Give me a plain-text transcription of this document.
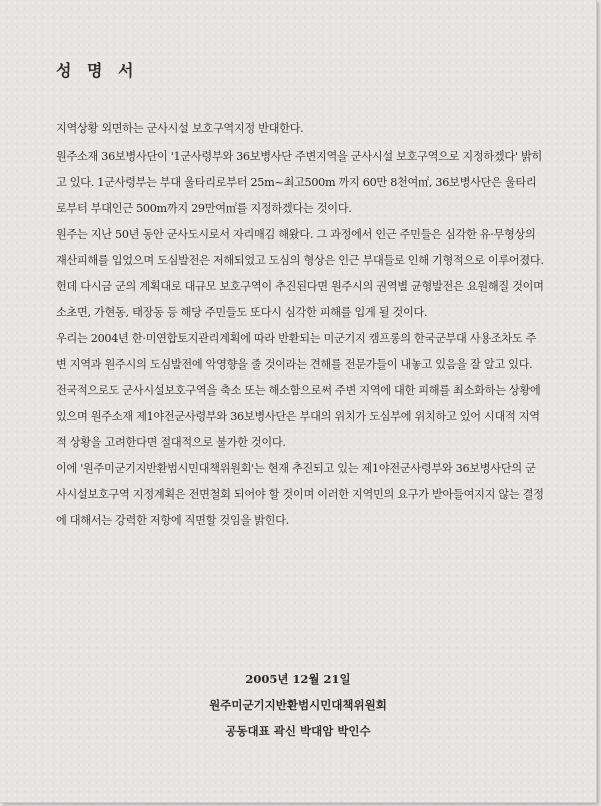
성 명 서

지역상황 외면하는 군사시설 보호구역지정 반대한다.

원주소재 36보병사단이 '1군사령부와 36보병사단 주변지역을 군사시설 보호구역으로 지정하겠다' 밝히고 있다. 1군사령부는 부대 울타리로부터 25m~최고500m 까지 60만 8천여㎡, 36보병사단은 울타리로부터 부대인근 500m까지 29만여㎡를 지정하겠다는 것이다.

원주는 지난 50년 동안 군사도시로서 자리매김 해왔다. 그 과정에서 인근 주민들은 심각한 유·무형상의 재산피해를 입었으며 도심발전은 저해되었고 도심의 형상은 인근 부대들로 인해 기형적으로 이루어졌다.

헌데 다시금 군의 계획대로 대규모 보호구역이 추진된다면 원주시의 권역별 균형발전은 요원해질 것이며 소초면, 가현동, 태장동 등 해당 주민들도 또다시 심각한 피해를 입게 될 것이다.

우리는 2004년 한·미연합토지관리계획에 따라 반환되는 미군기지 캠프롱의 한국군부대 사용조차도 주변 지역과 원주시의 도심발전에 악영향을 줄 것이라는 견해를 전문가들이 내놓고 있음을 잘 알고 있다.

전국적으로도 군사시설보호구역을 축소 또는 해소함으로써 주변 지역에 대한 피해를 최소화하는 상황에 있으며 원주소재 제1야전군사령부와 36보병사단은 부대의 위치가 도심부에 위치하고 있어 시대적 지역적 상황을 고려한다면 절대적으로 불가한 것이다.

이에 '원주미군기지반환범시민대책위원회'는 현재 추진되고 있는 제1야전군사령부와 36보병사단의 군사시설보호구역 지정계획은 전면철회 되어야 할 것이며 이러한 지역민의 요구가 받아들여지지 않는 결정에 대해서는 강력한 저항에 직면할 것임을 밝힌다.

2005년 12월 21일
원주미군기지반환범시민대책위원회
공동대표 곽신 박대암 박인수
